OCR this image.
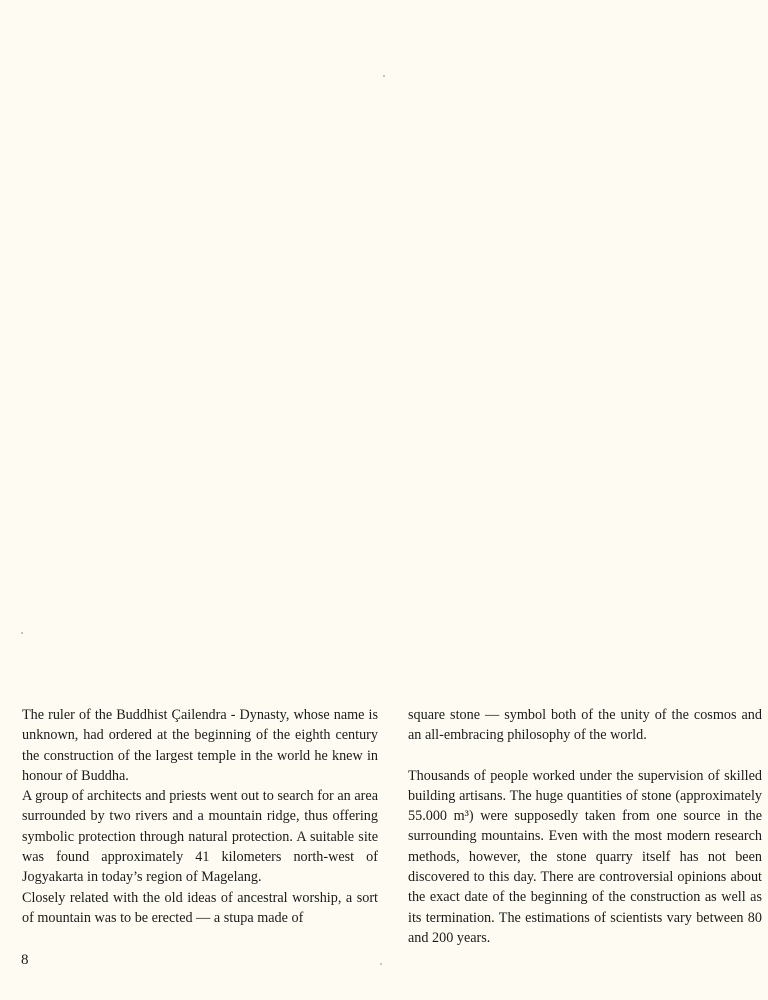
The ruler of the Buddhist Çailendra - Dynasty, whose name is unknown, had ordered at the beginning of the eighth century the construction of the largest temple in the world he knew in honour of Buddha.

A group of architects and priests went out to search for an area surrounded by two rivers and a mountain ridge, thus offering symbolic protection through natural protection. A suitable site was found approximately 41 kilometers north-west of Jogyakarta in today’s region of Magelang.

Closely related with the old ideas of ancestral worship, a sort of mountain was to be erected — a stupa made of

square stone — symbol both of the unity of the cosmos and an all-embracing philosophy of the world.

Thousands of people worked under the supervision of skilled building artisans. The huge quantities of stone (approximately 55.000 m³) were supposedly taken from one source in the surrounding mountains. Even with the most modern research methods, however, the stone quarry itself has not been discovered to this day. There are controversial opinions about the exact date of the beginning of the construction as well as its termination. The estimations of scientists vary between 80 and 200 years.

8
